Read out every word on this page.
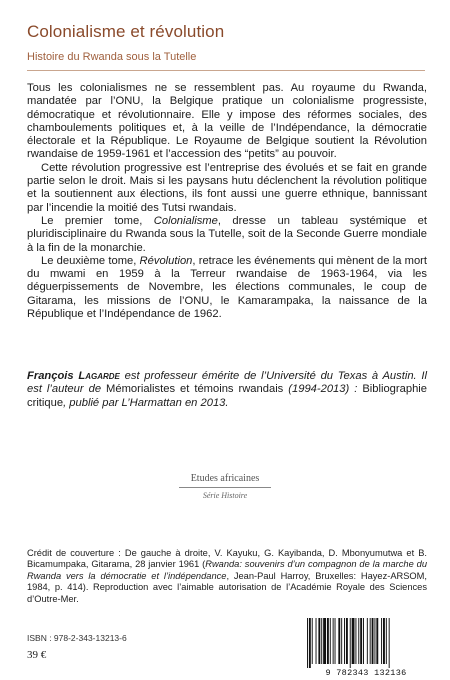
Colonialisme et révolution
Histoire du Rwanda sous la Tutelle

Tous les colonialismes ne se ressemblent pas. Au royaume du Rwanda, mandatée par l’ONU, la Belgique pratique un colonialisme progressiste, démocratique et révolutionnaire. Elle y impose des réformes sociales, des chamboulements politiques et, à la veille de l’Indépendance, la démocratie électorale et la République. Le Royaume de Belgique soutient la Révolution rwandaise de 1959-1961 et l’accession des “petits” au pouvoir.

Cette révolution progressive est l’entreprise des évolués et se fait en grande partie selon le droit. Mais si les paysans hutu déclenchent la révolution politique et la soutiennent aux élections, ils font aussi une guerre ethnique, bannissant par l’incendie la moitié des Tutsi rwandais.

Le premier tome, Colonialisme, dresse un tableau systémique et pluridisciplinaire du Rwanda sous la Tutelle, soit de la Seconde Guerre mondiale à la fin de la monarchie.

Le deuxième tome, Révolution, retrace les événements qui mènent de la mort du mwami en 1959 à la Terreur rwandaise de 1963-1964, via les déguerpissements de Novembre, les élections communales, le coup de Gitarama, les missions de l’ONU, le Kamarampaka, la naissance de la République et l’Indépendance de 1962.

François Lagarde est professeur émérite de l’Université du Texas à Austin. Il est l’auteur de Mémorialistes et témoins rwandais (1994-2013) : Bibliographie critique, publié par L’Harmattan en 2013.
Etudes africaines
Série Histoire
Crédit de couverture : De gauche à droite, V. Kayuku, G. Kayibanda, D. Mbonyumutwa et B. Bicamumpaka, Gitarama, 28 janvier 1961 (Rwanda: souvenirs d’un compagnon de la marche du Rwanda vers la démocratie et l’indépendance, Jean-Paul Harroy, Bruxelles: Hayez-ARSOM, 1984, p. 414). Reproduction avec l’aimable autorisation de l’Académie Royale des Sciences d’Outre-Mer.
ISBN : 978-2-343-13213-6
39 €
9 782343 132136
